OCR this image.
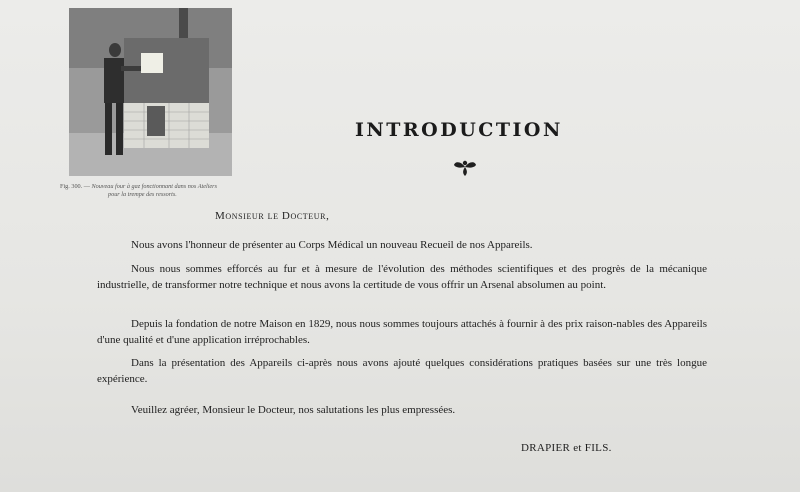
Fig. 300. — Nouveau four à gaz fonctionnant dans nos Ateliers
pour la trempe des ressorts.
INTRODUCTION
Monsieur le Docteur,

Nous avons l'honneur de présenter au Corps Médical un nouveau Recueil de nos Appareils.

Nous nous sommes efforcés au fur et à mesure de l'évolution des méthodes scientifiques et des progrès de la mécanique industrielle, de transformer notre technique et nous avons la certitude de vous offrir un Arsenal absolumen au point.

Depuis la fondation de notre Maison en 1829, nous nous sommes toujours attachés à fournir à des prix raison-nables des Appareils d'une qualité et d'une application irréprochables.

Dans la présentation des Appareils ci-après nous avons ajouté quelques considérations pratiques basées sur une très longue expérience.

Veuillez agréer, Monsieur le Docteur, nos salutations les plus empressées.

DRAPIER et FILS.
